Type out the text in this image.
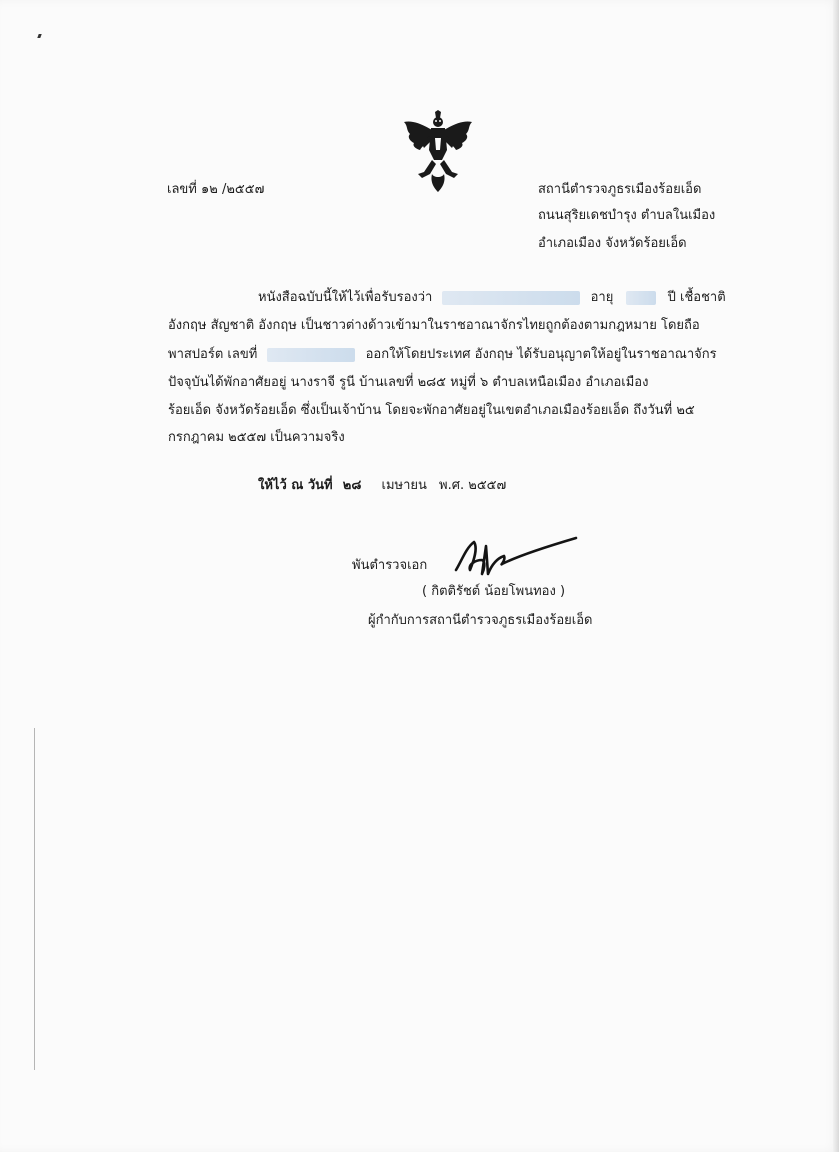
เลขที่ ๑๒ /๒๕๕๗	สถานีตำรวจภูธรเมืองร้อยเอ็ด
ถนนสุริยเดชบำรุง ตำบลในเมือง
อำเภอเมือง จังหวัดร้อยเอ็ด
หนังสือฉบับนี้ให้ไว้เพื่อรับรองว่า	อายุ	ปี เชื้อชาติ
อังกฤษ สัญชาติ อังกฤษ เป็นชาวต่างด้าวเข้ามาในราชอาณาจักรไทยถูกต้องตามกฎหมาย โดยถือ
พาสปอร์ต เลขที่	ออกให้โดยประเทศ อังกฤษ ได้รับอนุญาตให้อยู่ในราชอาณาจักร
ปัจจุบันได้พักอาศัยอยู่ นางราจี รูนี บ้านเลขที่ ๒๘๕ หมู่ที่ ๖ ตำบลเหนือเมือง อำเภอเมือง
ร้อยเอ็ด จังหวัดร้อยเอ็ด ซึ่งเป็นเจ้าบ้าน โดยจะพักอาศัยอยู่ในเขตอำเภอเมืองร้อยเอ็ด ถึงวันที่ ๒๕
กรกฎาคม ๒๕๕๗ เป็นความจริง
ให้ไว้ ณ วันที่ ๒๘ เมษายน พ.ศ. ๒๕๕๗
พันตำรวจเอก
( กิตติรัชต์ น้อยโพนทอง )
ผู้กำกับการสถานีตำรวจภูธรเมืองร้อยเอ็ด
